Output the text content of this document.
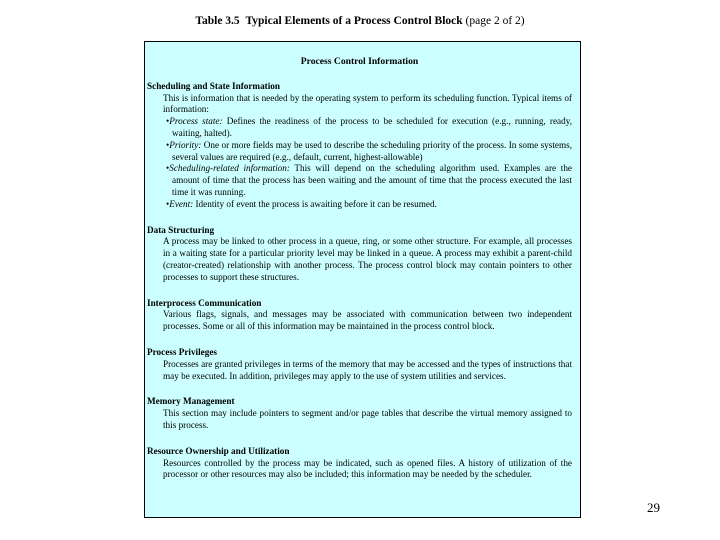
Table 3.5 Typical Elements of a Process Control Block (page 2 of 2)
Process Control Information
Scheduling and State Information
This is information that is needed by the operating system to perform its scheduling function. Typical items of information:
•Process state: Defines the readiness of the process to be scheduled for execution (e.g., running, ready, waiting, halted).
•Priority: One or more fields may be used to describe the scheduling priority of the process. In some systems, several values are required (e.g., default, current, highest-allowable)
•Scheduling-related information: This will depend on the scheduling algorithm used. Examples are the amount of time that the process has been waiting and the amount of time that the process executed the last time it was running.
•Event: Identity of event the process is awaiting before it can be resumed.
Data Structuring
A process may be linked to other process in a queue, ring, or some other structure. For example, all processes in a waiting state for a particular priority level may be linked in a queue. A process may exhibit a parent-child (creator-created) relationship with another process. The process control block may contain pointers to other processes to support these structures.
Interprocess Communication
Various flags, signals, and messages may be associated with communication between two independent processes. Some or all of this information may be maintained in the process control block.
Process Privileges
Processes are granted privileges in terms of the memory that may be accessed and the types of instructions that may be executed. In addition, privileges may apply to the use of system utilities and services.
Memory Management
This section may include pointers to segment and/or page tables that describe the virtual memory assigned to this process.
Resource Ownership and Utilization
Resources controlled by the process may be indicated, such as opened files. A history of utilization of the processor or other resources may also be included; this information may be needed by the scheduler.
29
